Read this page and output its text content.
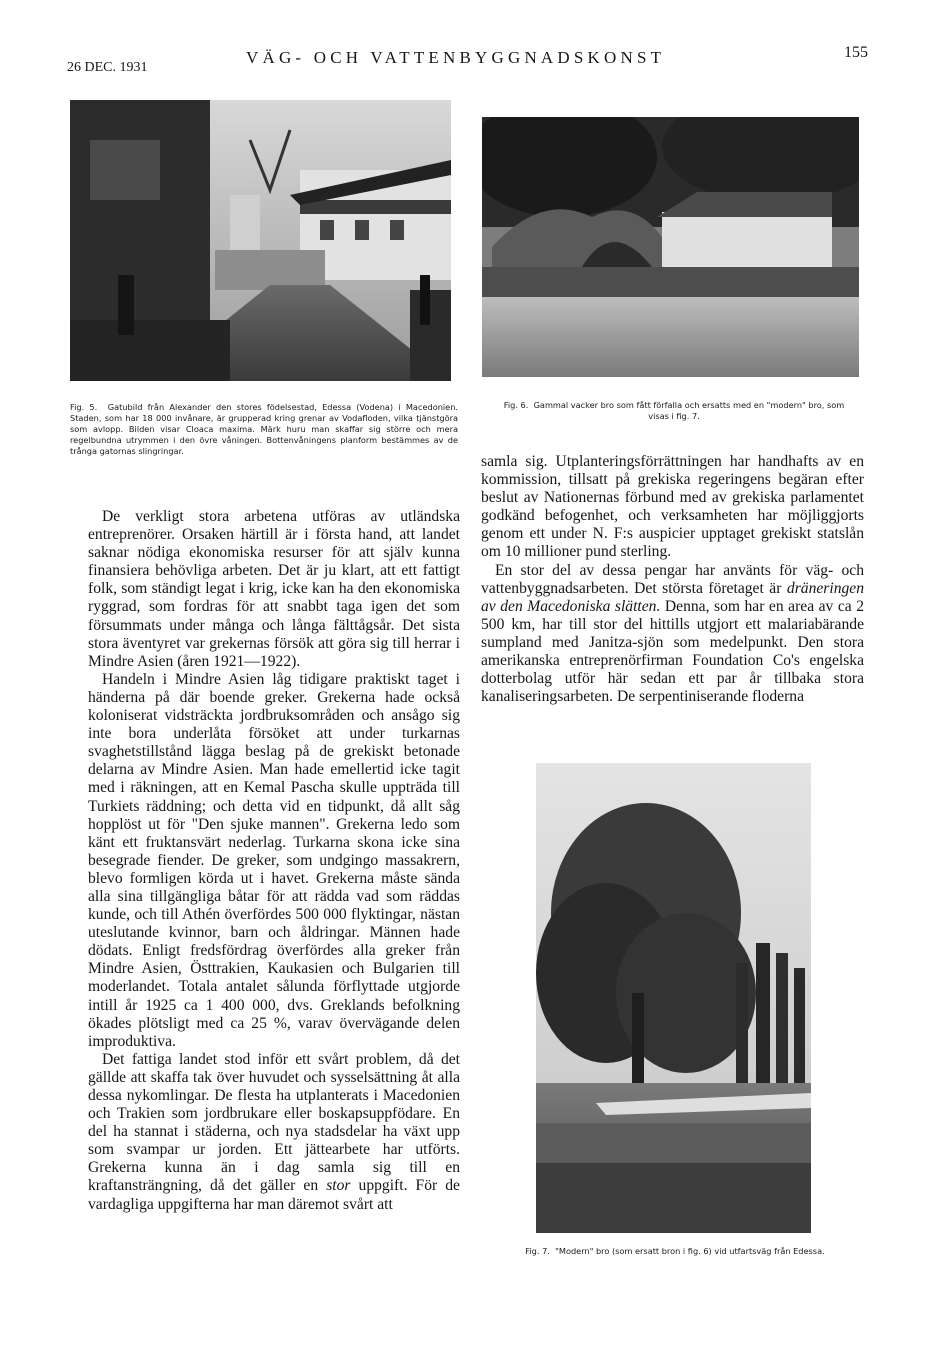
26 DEC. 1931
VÄG- OCH VATTENBYGGNADSKONST	155
Fig. 5. Gatubild från Alexander den stores födelsestad, Edessa (Vodena) i Macedonien. Staden, som har 18 000 invånare, är grupperad kring grenar av Vodafloden, vilka tjänstgöra som avlopp. Bilden visar Cloaca maxima. Märk huru man skaffar sig större och mera regelbundna utrymmen i den övre våningen. Bottenvåningens planform bestämmes av de trånga gatornas slingringar.
Fig. 6. Gammal vacker bro som fått förfalla och ersatts med en "modern" bro, som visas i fig. 7.

De verkligt stora arbetena utföras av utländska entreprenörer. Orsaken härtill är i första hand, att landet saknar nödiga ekonomiska resurser för att själv kunna finansiera behövliga arbeten. Det är ju klart, att ett fattigt folk, som ständigt legat i krig, icke kan ha den ekonomiska ryggrad, som fordras för att snabbt taga igen det som försummats under många och långa fälttågsår. Det sista stora äventyret var grekernas försök att göra sig till herrar i Mindre Asien (åren 1921—1922).

Handeln i Mindre Asien låg tidigare praktiskt taget i händerna på där boende greker. Grekerna hade också koloniserat vidsträckta jordbruksområden och ansågo sig inte bora underlåta försöket att under turkarnas svaghetstillstånd lägga beslag på de grekiskt betonade delarna av Mindre Asien. Man hade emellertid icke tagit med i räkningen, att en Kemal Pascha skulle uppträda till Turkiets räddning; och detta vid en tidpunkt, då allt såg hopplöst ut för "Den sjuke mannen". Grekerna ledo som känt ett fruktansvärt nederlag. Turkarna skona icke sina besegrade fiender. De greker, som undgingo massakrern, blevo formligen körda ut i havet. Grekerna måste sända alla sina tillgängliga båtar för att rädda vad som räddas kunde, och till Athén överfördes 500 000 flyktingar, nästan uteslutande kvinnor, barn och åldringar. Männen hade dödats. Enligt fredsfördrag överfördes alla greker från Mindre Asien, Östtrakien, Kaukasien och Bulgarien till moderlandet. Totala antalet sålunda förflyttade utgjorde intill år 1925 ca 1 400 000, dvs. Greklands befolkning ökades plötsligt med ca 25 %, varav övervägande delen improduktiva.

Det fattiga landet stod inför ett svårt problem, då det gällde att skaffa tak över huvudet och sysselsättning åt alla dessa nykomlingar. De flesta ha utplanterats i Macedonien och Trakien som jordbrukare eller boskapsuppfödare. En del ha stannat i städerna, och nya stadsdelar ha växt upp som svampar ur jorden. Ett jättearbete har utförts. Grekerna kunna än i dag samla sig till en kraftansträngning, då det gäller en stor uppgift. För de vardagliga uppgifterna har man däremot svårt att

samla sig. Utplanteringsförrättningen har handhafts av en kommission, tillsatt på grekiska regeringens begäran efter beslut av Nationernas förbund med av grekiska parlamentet godkänd befogenhet, och verksamheten har möjliggjorts genom ett under N. F:s auspicier upptaget grekiskt statslån om 10 millioner pund sterling.

En stor del av dessa pengar har använts för väg- och vattenbyggnadsarbeten. Det största företaget är dräneringen av den Macedoniska slätten. Denna, som har en area av ca 2 500 km, har till stor del hittills utgjort ett malariabärande sumpland med Janitza-sjön som medelpunkt. Den stora amerikanska entreprenörfirman Foundation Co's engelska dotterbolag utför här sedan ett par år tillbaka stora kanaliseringsarbeten. De serpentiniserande floderna

Fig. 7. "Modern" bro (som ersatt bron i fig. 6) vid utfartsväg från Edessa.
